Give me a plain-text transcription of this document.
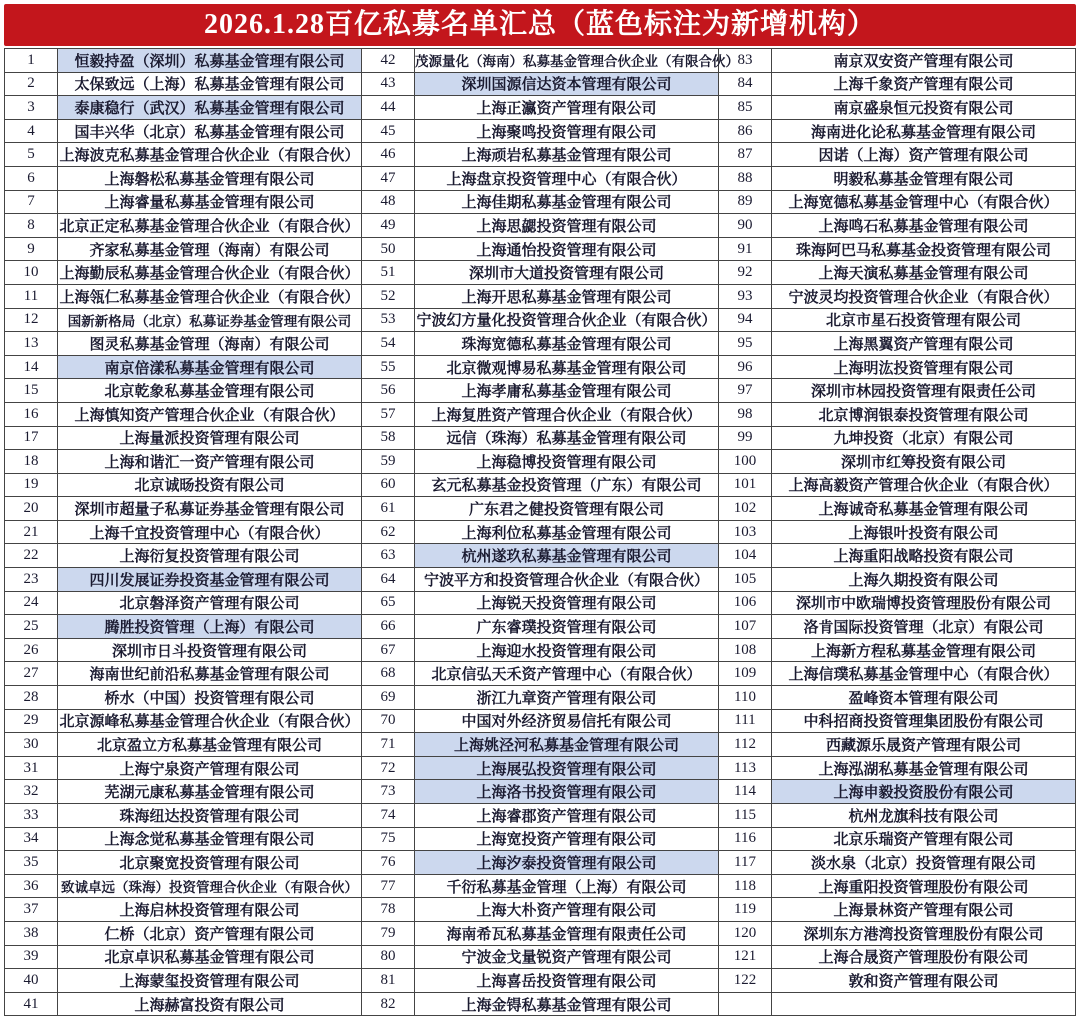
2026.1.28百亿私募名单汇总（蓝色标注为新增机构）
1	恒毅持盈（深圳）私募基金管理有限公司	42	茂源量化（海南）私募基金管理合伙企业（有限合伙）	83	南京双安资产管理有限公司
2	太保致远（上海）私募基金管理有限公司	43	深圳国源信达资本管理有限公司	84	上海千象资产管理有限公司
3	泰康稳行（武汉）私募基金管理有限公司	44	上海正瀛资产管理有限公司	85	南京盛泉恒元投资有限公司
4	国丰兴华（北京）私募基金管理有限公司	45	上海聚鸣投资管理有限公司	86	海南进化论私募基金管理有限公司
5	上海波克私募基金管理合伙企业（有限合伙）	46	上海顽岩私募基金管理有限公司	87	因诺（上海）资产管理有限公司
6	上海磐松私募基金管理有限公司	47	上海盘京投资管理中心（有限合伙）	88	明毅私募基金管理有限公司
7	上海睿量私募基金管理有限公司	48	上海佳期私募基金管理有限公司	89	上海宽德私募基金管理中心（有限合伙）
8	北京正定私募基金管理合伙企业（有限合伙）	49	上海思勰投资管理有限公司	90	上海鸣石私募基金管理有限公司
9	齐家私募基金管理（海南）有限公司	50	上海通怡投资管理有限公司	91	珠海阿巴马私募基金投资管理有限公司
10	上海勤辰私募基金管理合伙企业（有限合伙）	51	深圳市大道投资管理有限公司	92	上海天演私募基金管理有限公司
11	上海瓴仁私募基金管理合伙企业（有限合伙）	52	上海开思私募基金管理有限公司	93	宁波灵均投资管理合伙企业（有限合伙）
12	国新新格局（北京）私募证券基金管理有限公司	53	宁波幻方量化投资管理合伙企业（有限合伙）	94	北京市星石投资管理有限公司
13	图灵私募基金管理（海南）有限公司	54	珠海宽德私募基金管理有限公司	95	上海黑翼资产管理有限公司
14	南京倍漾私募基金管理有限公司	55	北京微观博易私募基金管理有限公司	96	上海明汯投资管理有限公司
15	北京乾象私募基金管理有限公司	56	上海孝庸私募基金管理有限公司	97	深圳市林园投资管理有限责任公司
16	上海慎知资产管理合伙企业（有限合伙）	57	上海复胜资产管理合伙企业（有限合伙）	98	北京博润银泰投资管理有限公司
17	上海量派投资管理有限公司	58	远信（珠海）私募基金管理有限公司	99	九坤投资（北京）有限公司
18	上海和谐汇一资产管理有限公司	59	上海稳博投资管理有限公司	100	深圳市红筹投资有限公司
19	北京诚旸投资有限公司	60	玄元私募基金投资管理（广东）有限公司	101	上海高毅资产管理合伙企业（有限合伙）
20	深圳市超量子私募证券基金管理有限公司	61	广东君之健投资管理有限公司	102	上海诚奇私募基金管理有限公司
21	上海千宜投资管理中心（有限合伙）	62	上海利位私募基金管理有限公司	103	上海银叶投资有限公司
22	上海衍复投资管理有限公司	63	杭州遂玖私募基金管理有限公司	104	上海重阳战略投资有限公司
23	四川发展证券投资基金管理有限公司	64	宁波平方和投资管理合伙企业（有限合伙）	105	上海久期投资有限公司
24	北京磐泽资产管理有限公司	65	上海锐天投资管理有限公司	106	深圳市中欧瑞博投资管理股份有限公司
25	腾胜投资管理（上海）有限公司	66	广东睿璞投资管理有限公司	107	洛肯国际投资管理（北京）有限公司
26	深圳市日斗投资管理有限公司	67	上海迎水投资管理有限公司	108	上海新方程私募基金管理有限公司
27	海南世纪前沿私募基金管理有限公司	68	北京信弘天禾资产管理中心（有限合伙）	109	上海信璞私募基金管理中心（有限合伙）
28	桥水（中国）投资管理有限公司	69	浙江九章资产管理有限公司	110	盈峰资本管理有限公司
29	北京源峰私募基金管理合伙企业（有限合伙）	70	中国对外经济贸易信托有限公司	111	中科招商投资管理集团股份有限公司
30	北京盈立方私募基金管理有限公司	71	上海姚泾河私募基金管理有限公司	112	西藏源乐晟资产管理有限公司
31	上海宁泉资产管理有限公司	72	上海展弘投资管理有限公司	113	上海泓湖私募基金管理有限公司
32	芜湖元康私募基金管理有限公司	73	上海洛书投资管理有限公司	114	上海申毅投资股份有限公司
33	珠海纽达投资管理有限公司	74	上海睿郡资产管理有限公司	115	杭州龙旗科技有限公司
34	上海念觉私募基金管理有限公司	75	上海宽投资产管理有限公司	116	北京乐瑞资产管理有限公司
35	北京聚宽投资管理有限公司	76	上海汐泰投资管理有限公司	117	淡水泉（北京）投资管理有限公司
36	致诚卓远（珠海）投资管理合伙企业（有限合伙）	77	千衍私募基金管理（上海）有限公司	118	上海重阳投资管理股份有限公司
37	上海启林投资管理有限公司	78	上海大朴资产管理有限公司	119	上海景林资产管理有限公司
38	仁桥（北京）资产管理有限公司	79	海南希瓦私募基金管理有限责任公司	120	深圳东方港湾投资管理股份有限公司
39	北京卓识私募基金管理有限公司	80	宁波金戈量锐资产管理有限公司	121	上海合晟资产管理股份有限公司
40	上海蒙玺投资管理有限公司	81	上海喜岳投资管理有限公司	122	敦和资产管理有限公司
41	上海赫富投资有限公司	82	上海金锝私募基金管理有限公司		
